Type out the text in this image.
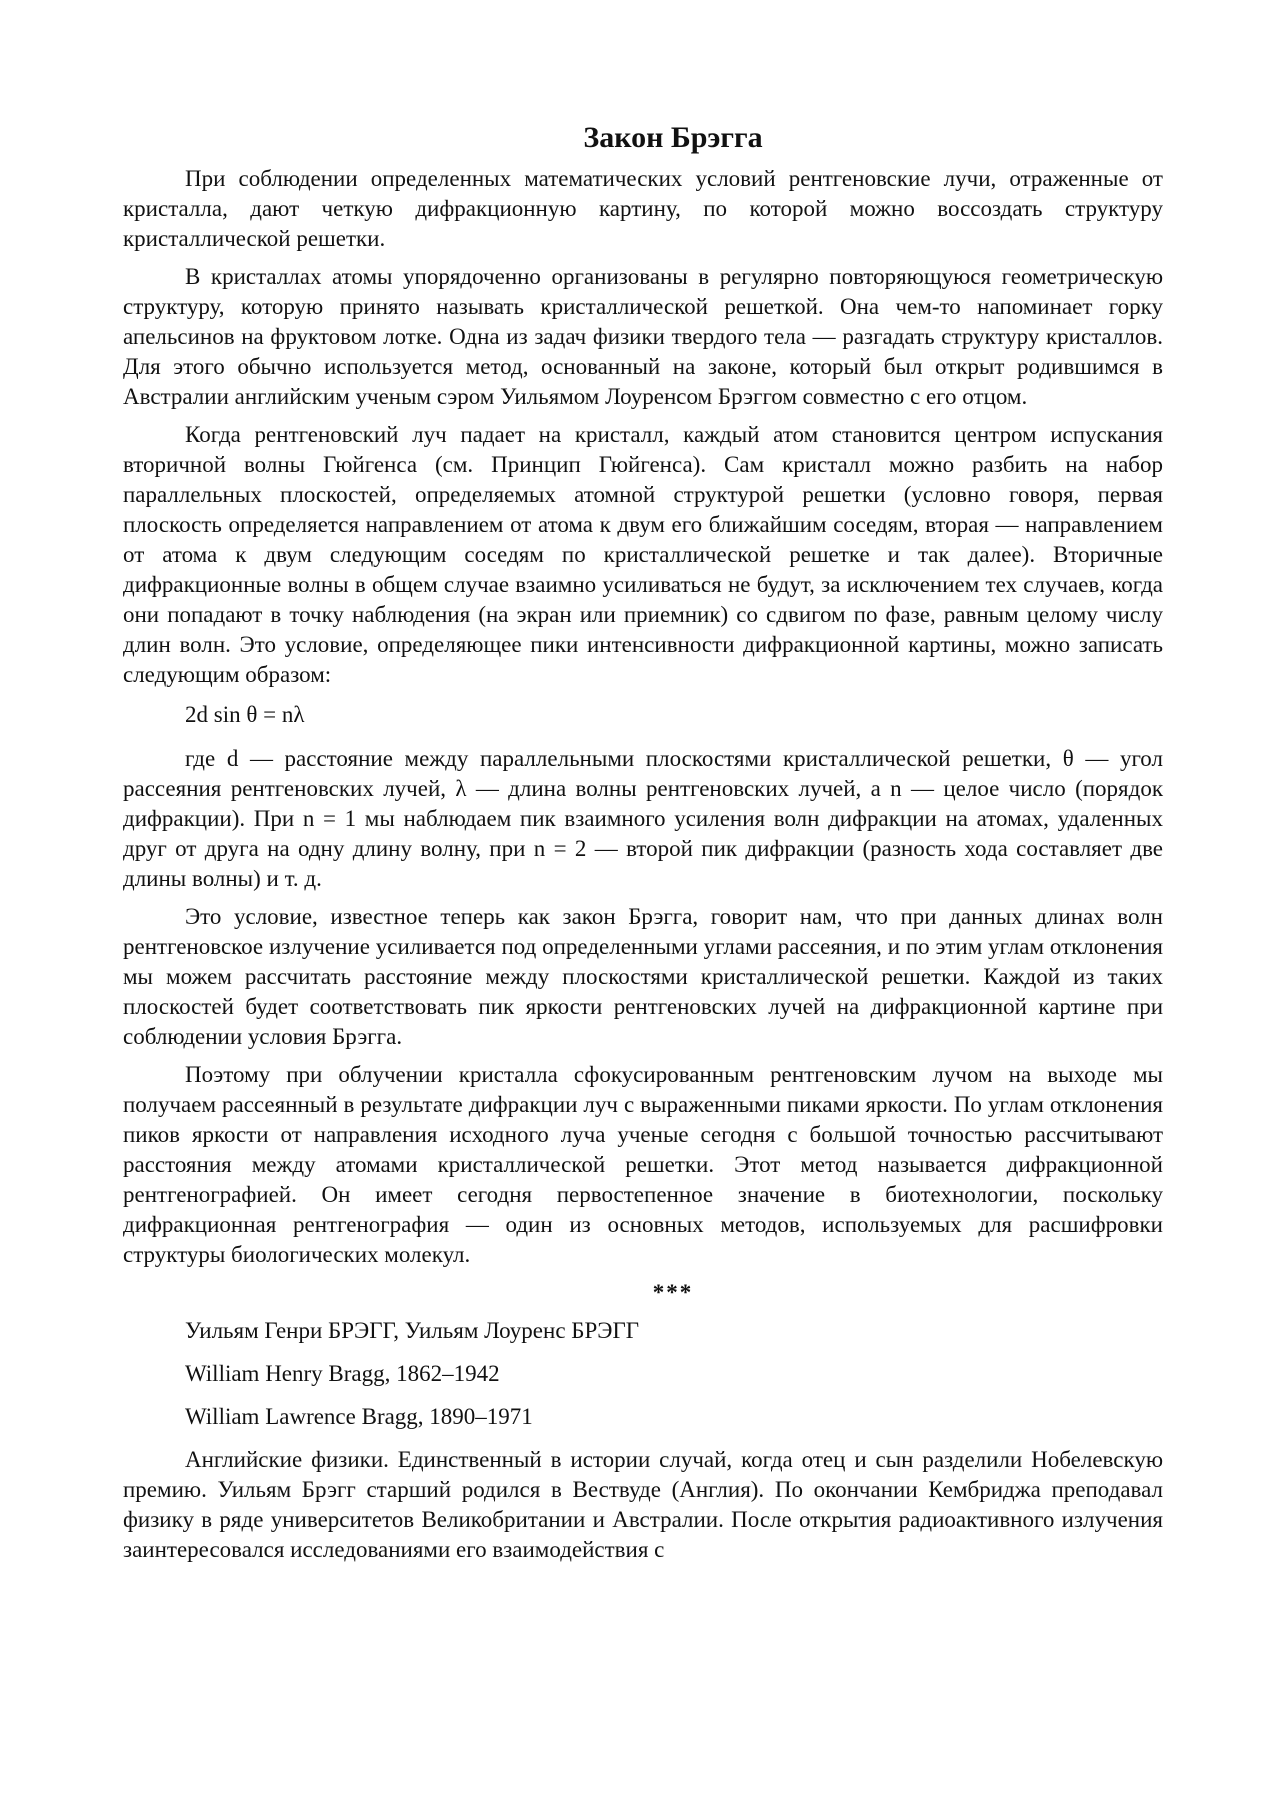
Закон Брэгга

При соблюдении определенных математических условий рентгеновские лучи, отраженные от кристалла, дают четкую дифракционную картину, по которой можно воссоздать структуру кристаллической решетки.

В кристаллах атомы упорядоченно организованы в регулярно повторяющуюся геометрическую структуру, которую принято называть кристаллической решеткой. Она чем-то напоминает горку апельсинов на фруктовом лотке. Одна из задач физики твердого тела — разгадать структуру кристаллов. Для этого обычно используется метод, основанный на законе, который был открыт родившимся в Австралии английским ученым сэром Уильямом Лоуренсом Брэггом совместно с его отцом.

Когда рентгеновский луч падает на кристалл, каждый атом становится центром испускания вторичной волны Гюйгенса (см. Принцип Гюйгенса). Сам кристалл можно разбить на набор параллельных плоскостей, определяемых атомной структурой решетки (условно говоря, первая плоскость определяется направлением от атома к двум его ближайшим соседям, вторая — направлением от атома к двум следующим соседям по кристаллической решетке и так далее). Вторичные дифракционные волны в общем случае взаимно усиливаться не будут, за исключением тех случаев, когда они попадают в точку наблюдения (на экран или приемник) со сдвигом по фазе, равным целому числу длин волн. Это условие, определяющее пики интенсивности дифракционной картины, можно записать следующим образом:

2d sin θ = nλ

где d — расстояние между параллельными плоскостями кристаллической решетки, θ — угол рассеяния рентгеновских лучей, λ — длина волны рентгеновских лучей, а n — целое число (порядок дифракции). При n = 1 мы наблюдаем пик взаимного усиления волн дифракции на атомах, удаленных друг от друга на одну длину волну, при n = 2 — второй пик дифракции (разность хода составляет две длины волны) и т. д.

Это условие, известное теперь как закон Брэгга, говорит нам, что при данных длинах волн рентгеновское излучение усиливается под определенными углами рассеяния, и по этим углам отклонения мы можем рассчитать расстояние между плоскостями кристаллической решетки. Каждой из таких плоскостей будет соответствовать пик яркости рентгеновских лучей на дифракционной картине при соблюдении условия Брэгга.

Поэтому при облучении кристалла сфокусированным рентгеновским лучом на выходе мы получаем рассеянный в результате дифракции луч с выраженными пиками яркости. По углам отклонения пиков яркости от направления исходного луча ученые сегодня с большой точностью рассчитывают расстояния между атомами кристаллической решетки. Этот метод называется дифракционной рентгенографией. Он имеет сегодня первостепенное значение в биотехнологии, поскольку дифракционная рентгенография — один из основных методов, используемых для расшифровки структуры биологических молекул.

***
Уильям Генри БРЭГГ, Уильям Лоуренс БРЭГГ
William Henry Bragg, 1862–1942
William Lawrence Bragg, 1890–1971

Английские физики. Единственный в истории случай, когда отец и сын разделили Нобелевскую премию. Уильям Брэгг старший родился в Вествуде (Англия). По окончании Кембриджа преподавал физику в ряде университетов Великобритании и Австралии. После открытия радиоактивного излучения заинтересовался исследованиями его взаимодействия с
